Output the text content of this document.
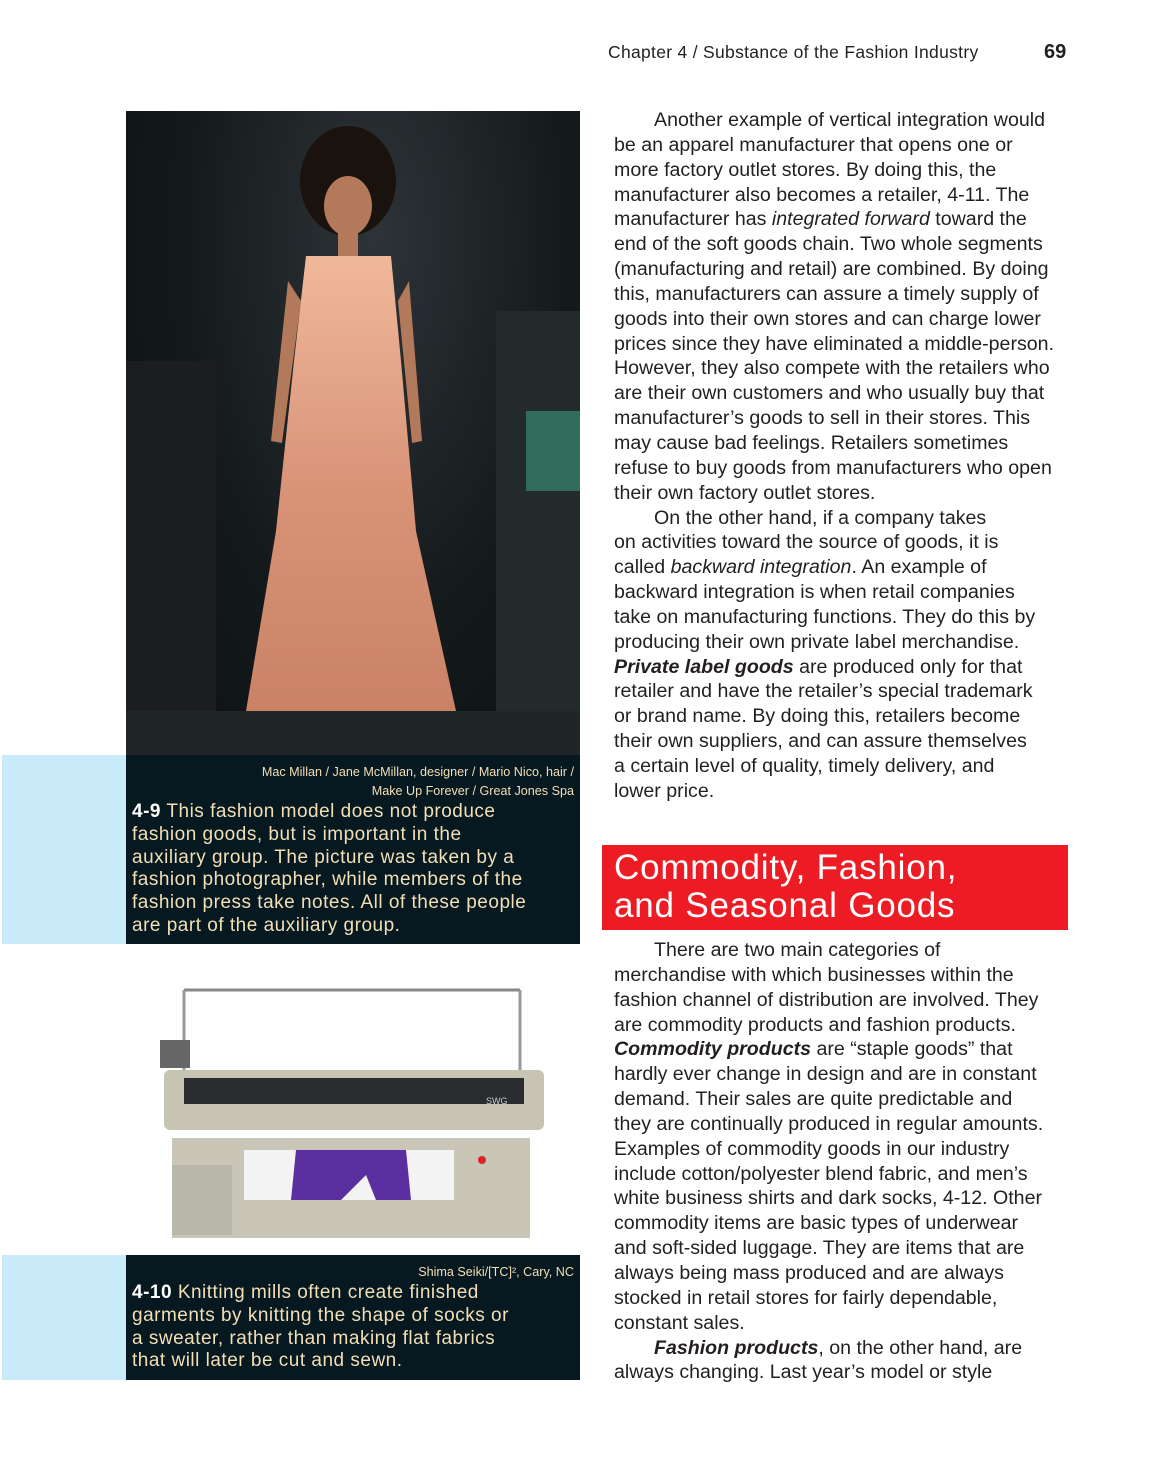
Chapter 4 / Substance of the Fashion Industry	69
Mac Millan / Jane McMillan, designer / Mario Nico, hair /
Make Up Forever / Great Jones Spa
4-9 This fashion model does not produce
fashion goods, but is important in the
auxiliary group. The picture was taken by a
fashion photographer, while members of the
fashion press take notes. All of these people
are part of the auxiliary group.
SWG
Shima Seiki/[TC]², Cary, NC
4-10 Knitting mills often create finished
garments by knitting the shape of socks or
a sweater, rather than making flat fabrics
that will later be cut and sewn.
Another example of vertical integration would
be an apparel manufacturer that opens one or
more factory outlet stores. By doing this, the
manufacturer also becomes a retailer, 4-11. The
manufacturer has integrated forward toward the
end of the soft goods chain. Two whole segments
(manufacturing and retail) are combined. By doing
this, manufacturers can assure a timely supply of
goods into their own stores and can charge lower
prices since they have eliminated a middle-person.
However, they also compete with the retailers who
are their own customers and who usually buy that
manufacturer’s goods to sell in their stores. This
may cause bad feelings. Retailers sometimes
refuse to buy goods from manufacturers who open
their own factory outlet stores.
On the other hand, if a company takes
on activities toward the source of goods, it is
called backward integration. An example of
backward integration is when retail companies
take on manufacturing functions. They do this by
producing their own private label merchandise.
Private label goods are produced only for that
retailer and have the retailer’s special trademark
or brand name. By doing this, retailers become
their own suppliers, and can assure themselves
a certain level of quality, timely delivery, and
lower price.
Commodity, Fashion,
and Seasonal Goods
There are two main categories of
merchandise with which businesses within the
fashion channel of distribution are involved. They
are commodity products and fashion products.
Commodity products are “staple goods” that
hardly ever change in design and are in constant
demand. Their sales are quite predictable and
they are continually produced in regular amounts.
Examples of commodity goods in our industry
include cotton/polyester blend fabric, and men’s
white business shirts and dark socks, 4-12. Other
commodity items are basic types of underwear
and soft-sided luggage. They are items that are
always being mass produced and are always
stocked in retail stores for fairly dependable,
constant sales.
Fashion products, on the other hand, are
always changing. Last year’s model or style
